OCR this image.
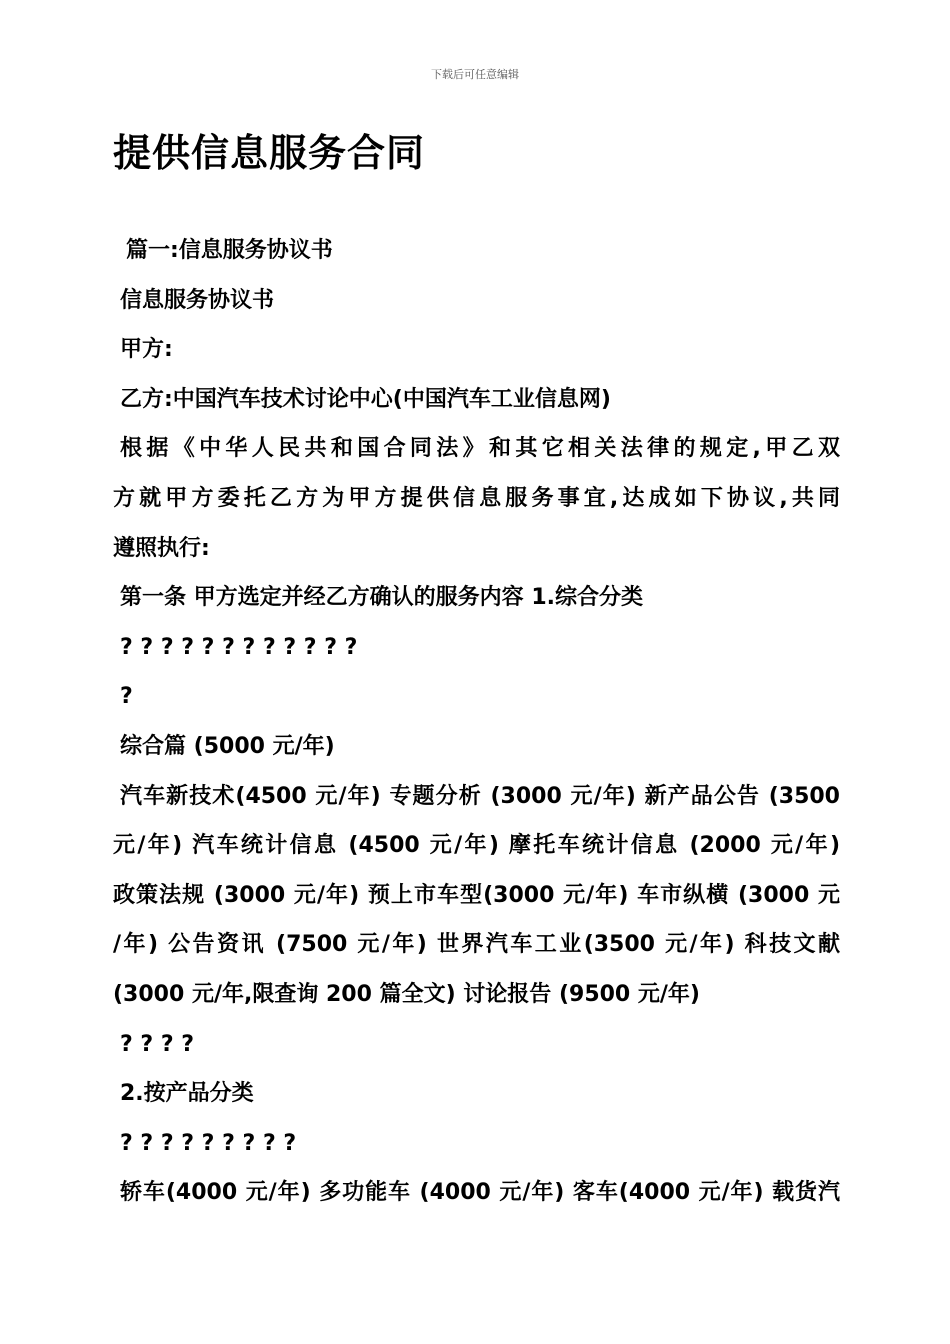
下载后可任意编辑
提供信息服务合同
篇一:信息服务协议书
信息服务协议书
甲方:
乙方:中国汽车技术讨论中心(中国汽车工业信息网)
根据《中华人民共和国合同法》和其它相关法律的规定,甲乙双
方就甲方委托乙方为甲方提供信息服务事宜,达成如下协议,共同
遵照执行:
第一条 甲方选定并经乙方确认的服务内容 1.综合分类
? ? ? ? ? ? ? ? ? ? ? ?
?
综合篇 (5000 元/年)
汽车新技术(4500 元/年) 专题分析 (3000 元/年) 新产品公告 (3500
元/年) 汽车统计信息 (4500 元/年) 摩托车统计信息 (2000 元/年)
政策法规 (3000 元/年) 预上市车型(3000 元/年) 车市纵横 (3000 元
/年) 公告资讯 (7500 元/年) 世界汽车工业(3500 元/年) 科技文献
(3000 元/年,限查询 200 篇全文) 讨论报告 (9500 元/年)
? ? ? ?
2.按产品分类
? ? ? ? ? ? ? ? ?
轿车(4000 元/年) 多功能车 (4000 元/年) 客车(4000 元/年) 载货汽
